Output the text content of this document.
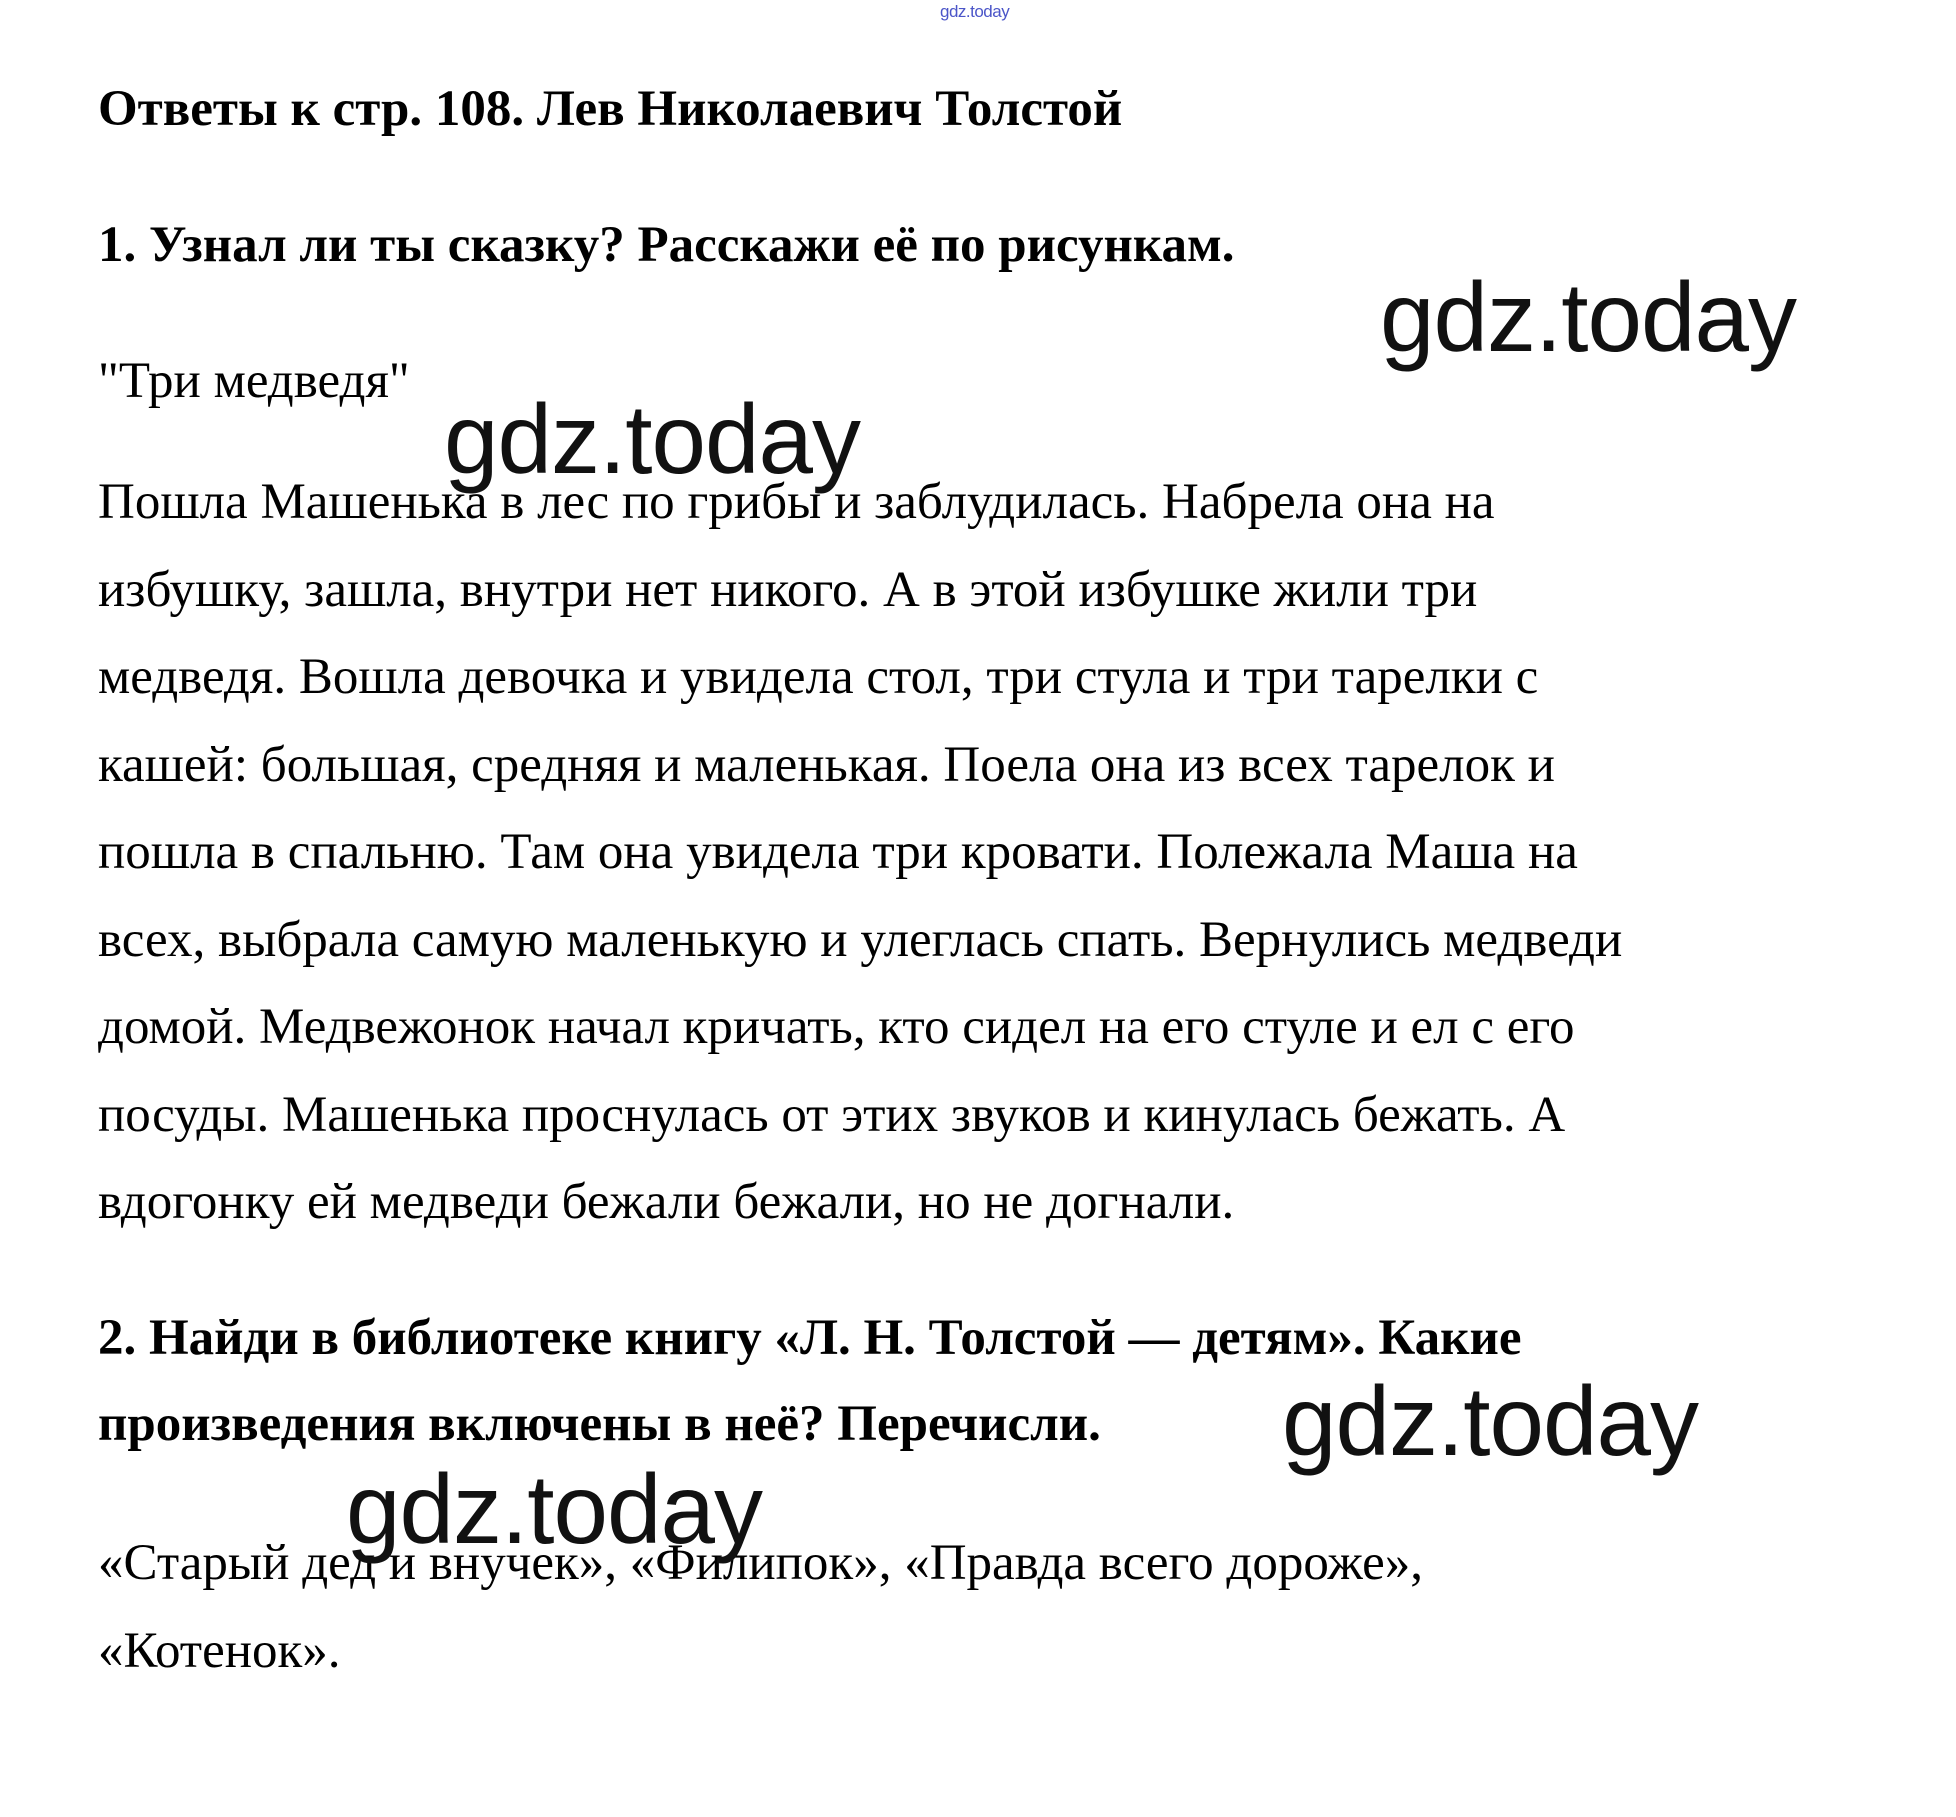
gdz.today
Ответы к стр. 108. Лев Николаевич Толстой
1. Узнал ли ты сказку? Расскажи её по рисункам.
"Три медведя"
Пошла Машенька в лес по грибы и заблудилась. Набрела она на
избушку, зашла, внутри нет никого. А в этой избушке жили три
медведя. Вошла девочка и увидела стол, три стула и три тарелки с
кашей: большая, средняя и маленькая. Поела она из всех тарелок и
пошла в спальню. Там она увидела три кровати. Полежала Маша на
всех, выбрала самую маленькую и улеглась спать. Вернулись медведи
домой. Медвежонок начал кричать, кто сидел на его стуле и ел с его
посуды. Машенька проснулась от этих звуков и кинулась бежать. А
вдогонку ей медведи бежали бежали, но не догнали.
2. Найди в библиотеке книгу «Л. Н. Толстой — детям». Какие
произведения включены в неё? Перечисли.
«Старый дед и внучек», «Филипок», «Правда всего дороже»,
«Котенок».
gdz.today
gdz.today
gdz.today
gdz.today
